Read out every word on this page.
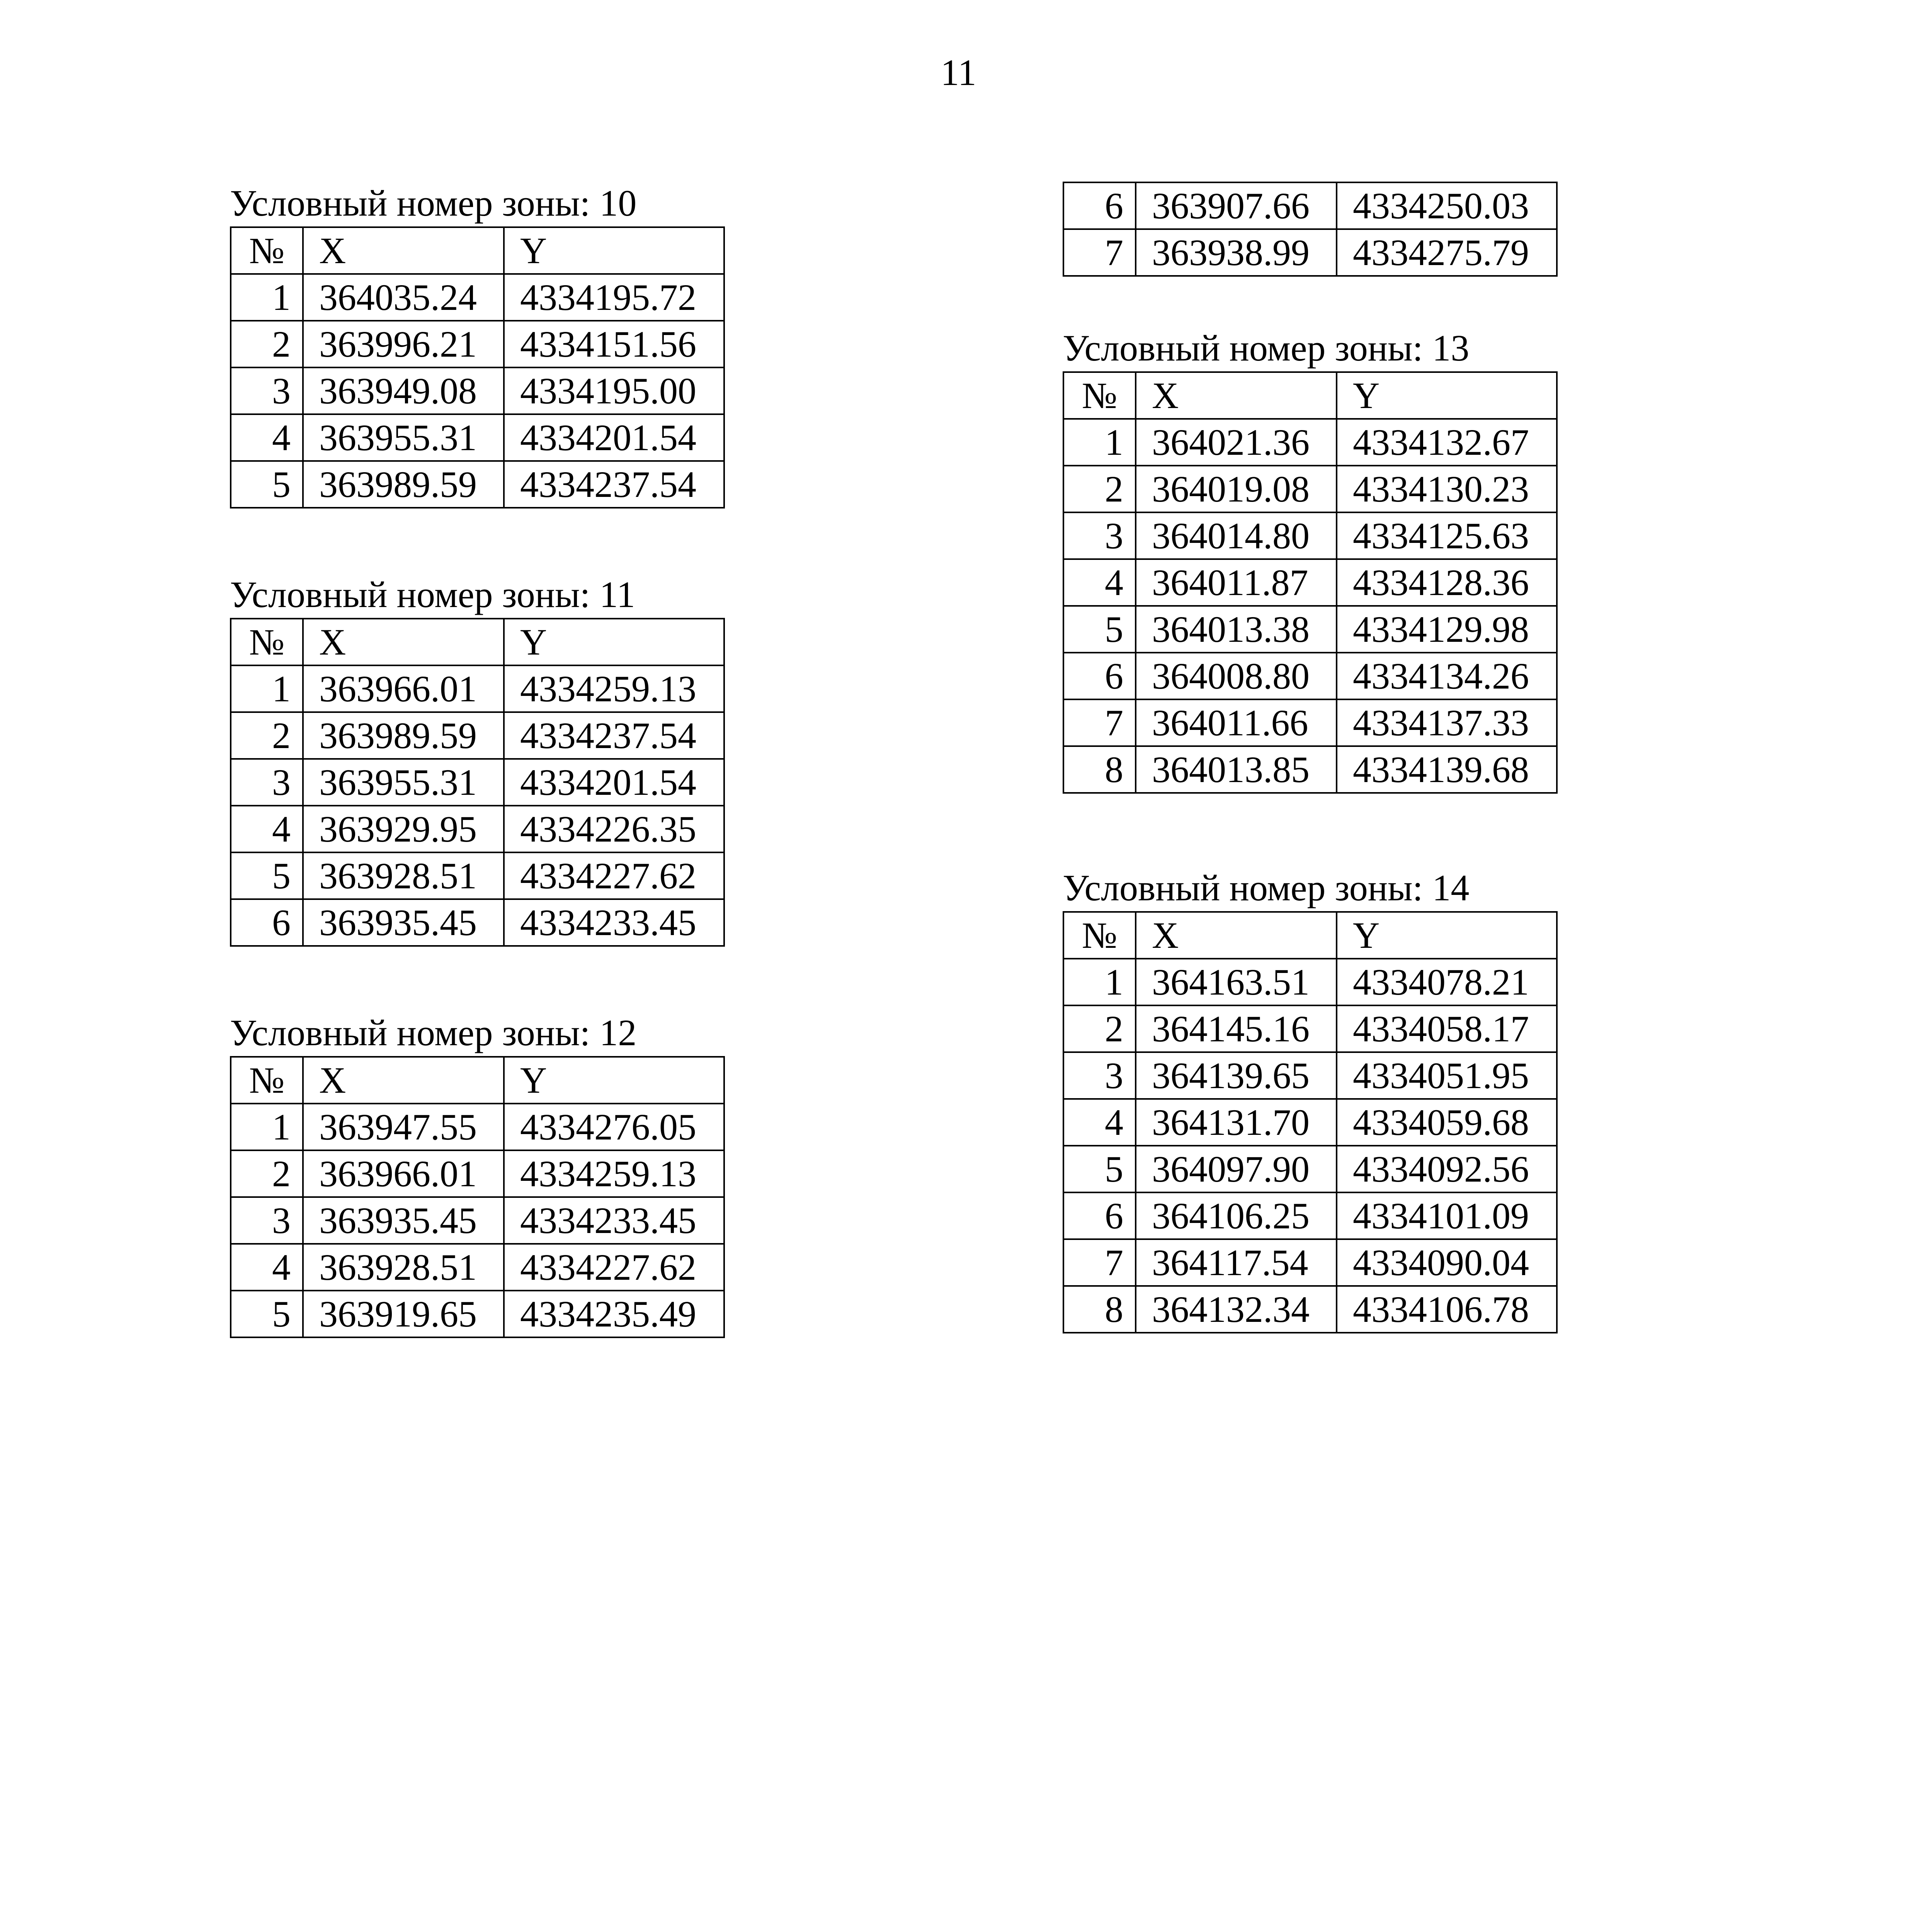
11
Условный номер зоны: 10
№	X	Y
1	364035.24	4334195.72
2	363996.21	4334151.56
3	363949.08	4334195.00
4	363955.31	4334201.54
5	363989.59	4334237.54
Условный номер зоны: 11
№	X	Y
1	363966.01	4334259.13
2	363989.59	4334237.54
3	363955.31	4334201.54
4	363929.95	4334226.35
5	363928.51	4334227.62
6	363935.45	4334233.45
Условный номер зоны: 12
№	X	Y
1	363947.55	4334276.05
2	363966.01	4334259.13
3	363935.45	4334233.45
4	363928.51	4334227.62
5	363919.65	4334235.49
6	363907.66	4334250.03
7	363938.99	4334275.79
Условный номер зоны: 13
№	X	Y
1	364021.36	4334132.67
2	364019.08	4334130.23
3	364014.80	4334125.63
4	364011.87	4334128.36
5	364013.38	4334129.98
6	364008.80	4334134.26
7	364011.66	4334137.33
8	364013.85	4334139.68
Условный номер зоны: 14
№	X	Y
1	364163.51	4334078.21
2	364145.16	4334058.17
3	364139.65	4334051.95
4	364131.70	4334059.68
5	364097.90	4334092.56
6	364106.25	4334101.09
7	364117.54	4334090.04
8	364132.34	4334106.78
